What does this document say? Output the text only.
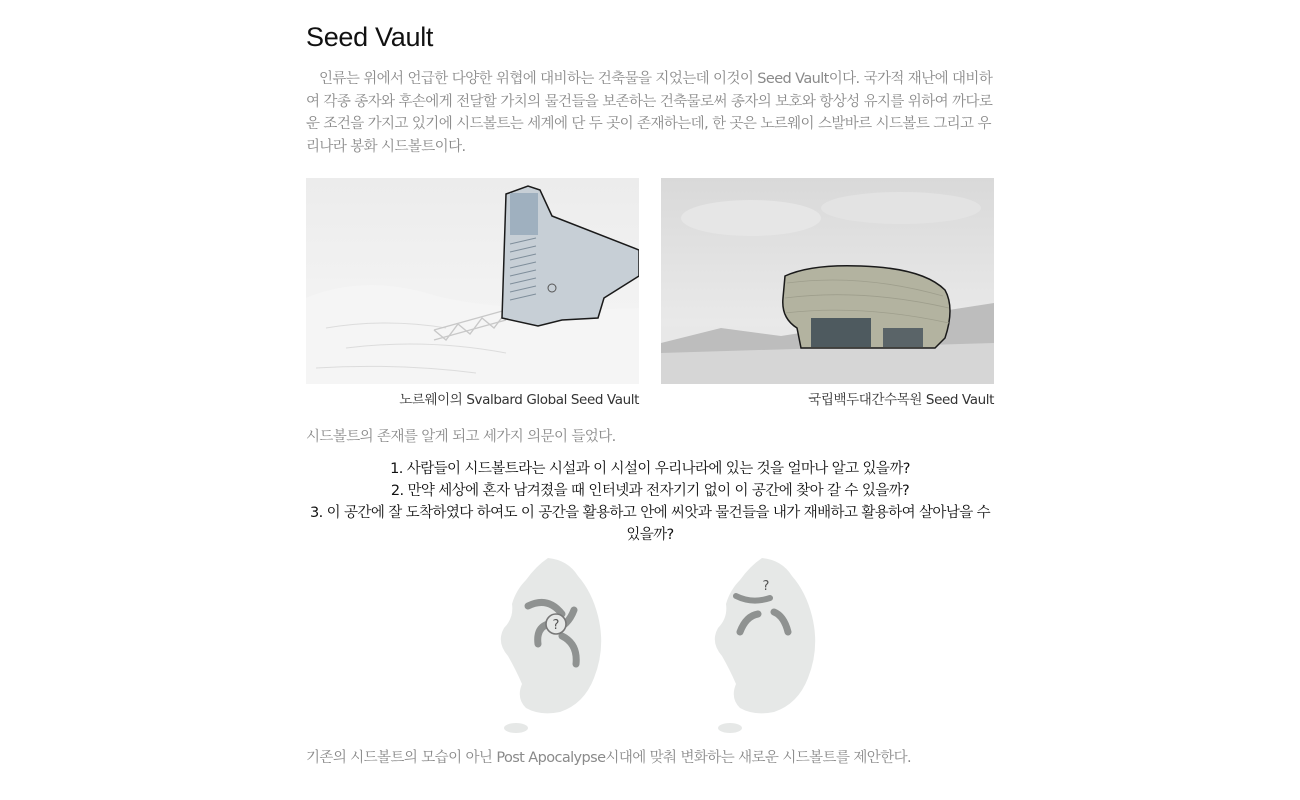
Seed Vault

인류는 위에서 언급한 다양한 위협에 대비하는 건축물을 지었는데 이것이 Seed Vault이다. 국가적 재난에 대비하여 각종 종자와 후손에게 전달할 가치의 물건들을 보존하는 건축물로써 종자의 보호와 항상성 유지를 위하여 까다로운 조건을 가지고 있기에 시드볼트는 세계에 단 두 곳이 존재하는데, 한 곳은 노르웨이 스발바르 시드볼트 그리고 우리나라 봉화 시드볼트이다.

노르웨이의 Svalbard Global Seed Vault	국립백두대간수목원 Seed Vault

시드볼트의 존재를 알게 되고 세가지 의문이 들었다.

1. 사람들이 시드볼트라는 시설과 이 시설이 우리나라에 있는 것을 얼마나 알고 있을까?
2. 만약 세상에 혼자 남겨졌을 때 인터넷과 전자기기 없이 이 공간에 찾아 갈 수 있을까?
3. 이 공간에 잘 도착하였다 하여도 이 공간을 활용하고 안에 씨앗과 물건들을 내가 재배하고 활용하여 살아남을 수 있을까?
?
?

기존의 시드볼트의 모습이 아닌 Post Apocalypse시대에 맞춰 변화하는 새로운 시드볼트를 제안한다.
